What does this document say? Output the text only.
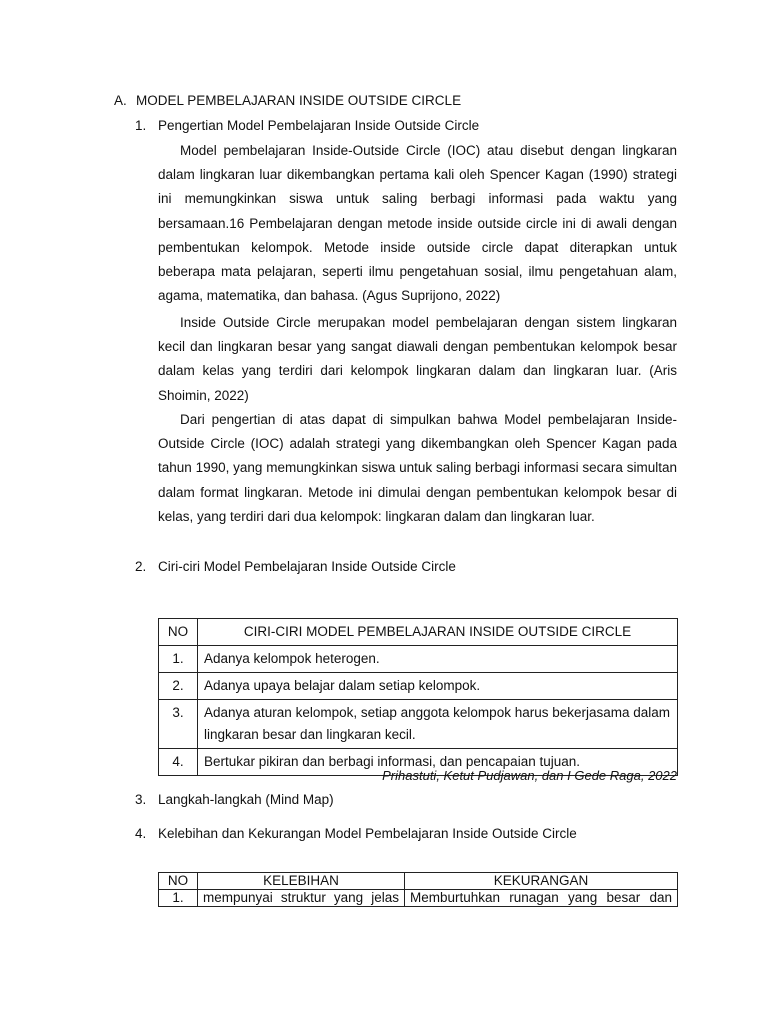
A. MODEL PEMBELAJARAN INSIDE OUTSIDE CIRCLE
1. Pengertian Model Pembelajaran Inside Outside Circle

Model pembelajaran Inside-Outside Circle (IOC) atau disebut dengan lingkaran dalam lingkaran luar dikembangkan pertama kali oleh Spencer Kagan (1990) strategi ini memungkinkan siswa untuk saling berbagi informasi pada waktu yang bersamaan.16 Pembelajaran dengan metode inside outside circle ini di awali dengan pembentukan kelompok. Metode inside outside circle dapat diterapkan untuk beberapa mata pelajaran, seperti ilmu pengetahuan sosial, ilmu pengetahuan alam, agama, matematika, dan bahasa. (Agus Suprijono, 2022)

Inside Outside Circle merupakan model pembelajaran dengan sistem lingkaran kecil dan lingkaran besar yang sangat diawali dengan pembentukan kelompok besar dalam kelas yang terdiri dari kelompok lingkaran dalam dan lingkaran luar. (Aris Shoimin, 2022)

Dari pengertian di atas dapat di simpulkan bahwa Model pembelajaran Inside-Outside Circle (IOC) adalah strategi yang dikembangkan oleh Spencer Kagan pada tahun 1990, yang memungkinkan siswa untuk saling berbagi informasi secara simultan dalam format lingkaran. Metode ini dimulai dengan pembentukan kelompok besar di kelas, yang terdiri dari dua kelompok: lingkaran dalam dan lingkaran luar.

2. Ciri-ciri Model Pembelajaran Inside Outside Circle
NO	CIRI-CIRI MODEL PEMBELAJARAN INSIDE OUTSIDE CIRCLE
1.	Adanya kelompok heterogen.
2.	Adanya upaya belajar dalam setiap kelompok.
3.	Adanya aturan kelompok, setiap anggota kelompok harus bekerjasama dalam lingkaran besar dan lingkaran kecil.
4.	Bertukar pikiran dan berbagi informasi, dan pencapaian tujuan.
Prihastuti, Ketut Pudjawan, dan I Gede Raga, 2022
3. Langkah-langkah (Mind Map)
4. Kelebihan dan Kekurangan Model Pembelajaran Inside Outside Circle
NO	KELEBIHAN	KEKURANGAN
1.	mempunyai struktur yang jelas	Memburtuhkan runagan yang besar dan
